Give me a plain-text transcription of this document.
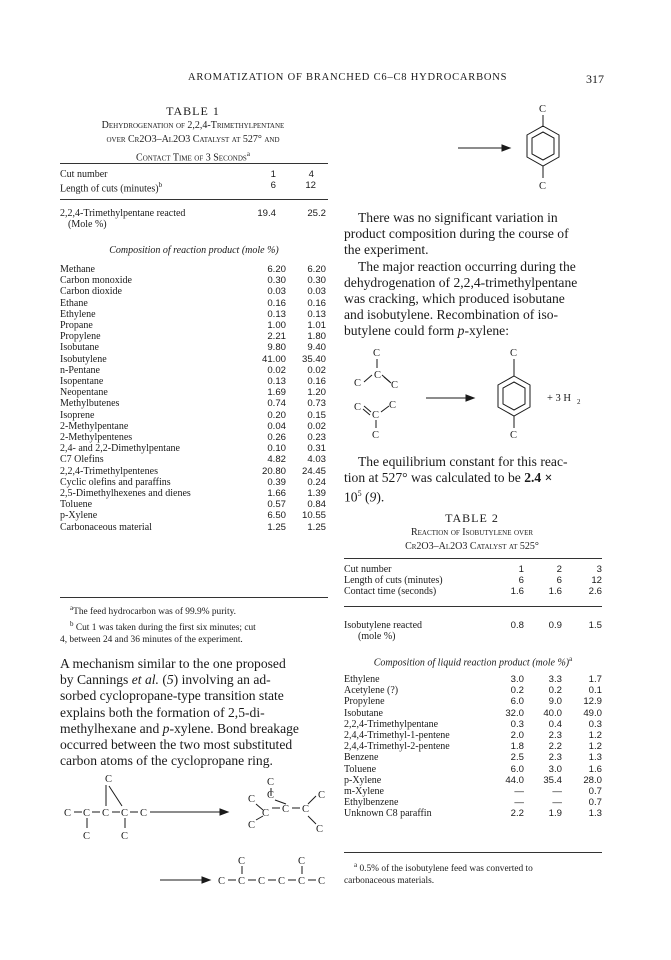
AROMATIZATION OF BRANCHED C6–C8 HYDROCARBONS	317
TABLE 1
Dehydrogenation of 2,2,4-Trimethylpentane
over Cr2O3–Al2O3 Catalyst at 527° and
Contact Time of 3 Seconds$^a$
Cut number	1	4
Length of cuts (minutes)$^b$	6	12
2,2,4-Trimethylpentane reacted	19.4	25.2
(Mole %)		
Composition of reaction product (mole %)
Methane	6.20	6.20
Carbon monoxide	0.30	0.30
Carbon dioxide	0.03	0.03
Ethane	0.16	0.16
Ethylene	0.13	0.13
Propane	1.00	1.01
Propylene	2.21	1.80
Isobutane	9.80	9.40
Isobutylene	41.00	35.40
n-Pentane	0.02	0.02
Isopentane	0.13	0.16
Neopentane	1.69	1.20
Methylbutenes	0.74	0.73
Isoprene	0.20	0.15
2-Methylpentane	0.04	0.02
2-Methylpentenes	0.26	0.23
2,4- and 2,2-Dimethylpentane	0.10	0.31
C7 Olefins	4.82	4.03
2,2,4-Trimethylpentenes	20.80	24.45
Cyclic olefins and paraffins	0.39	0.24
2,5-Dimethylhexenes and dienes	1.66	1.39
Toluene	0.57	0.84
p-Xylene	6.50	10.55
Carbonaceous material	1.25	1.25
$^a$The feed hydrocarbon was of 99.9% purity.
$^b$ Cut 1 was taken during the first six minutes; cut
4, between 24 and 36 minutes of the experiment.
A mechanism similar to the one proposed
by Cannings et al. (5) involving an ad-
sorbed cyclopropane-type transition state
explains both the formation of 2,5-di-
methylhexane and p-xylene. Bond breakage
occurred between the two most substituted
carbon atoms of the cyclopropane ring.
C
C C C C C
C	C
C C
C
C C C
C
C
C
C C C C C C
C	C
C
C
There was no significant variation in
product composition during the course of
the experiment.
The major reaction occurring during the
dehydrogenation of 2,2,4-trimethylpentane
was cracking, which produced isobutane
and isobutylene. Recombination of iso-
butylene could form p-xylene:
C
C
C	C
C
C
C
C
C
C
+ 3 H 2
The equilibrium constant for this reac-
tion at 527° was calculated to be 2.4 ×
$10^5$ (9).
TABLE 2
Reaction of Isobutylene over
Cr2O3–Al2O3 Catalyst at 525°
Cut number	1	2	3
Length of cuts (minutes)	6	6	12
Contact time (seconds)	1.6	1.6	2.6
Isobutylene reacted	0.8	0.9	1.5
(mole %)			
Composition of liquid reaction product (mole %)$^a$
Ethylene	3.0	3.3	1.7
Acetylene (?)	0.2	0.2	0.1
Propylene	6.0	9.0	12.9
Isobutane	32.0	40.0	49.0
2,2,4-Trimethylpentane	0.3	0.4	0.3
2,4,4-Trimethyl-1-pentene	2.0	2.3	1.2
2,4,4-Trimethyl-2-pentene	1.8	2.2	1.2
Benzene	2.5	2.3	1.3
Toluene	6.0	3.0	1.6
p-Xylene	44.0	35.4	28.0
m-Xylene	—	—	0.7
Ethylbenzene	—	—	0.7
Unknown C8 paraffin	2.2	1.9	1.3
$^a$ 0.5% of the isobutylene feed was converted to
carbonaceous materials.
